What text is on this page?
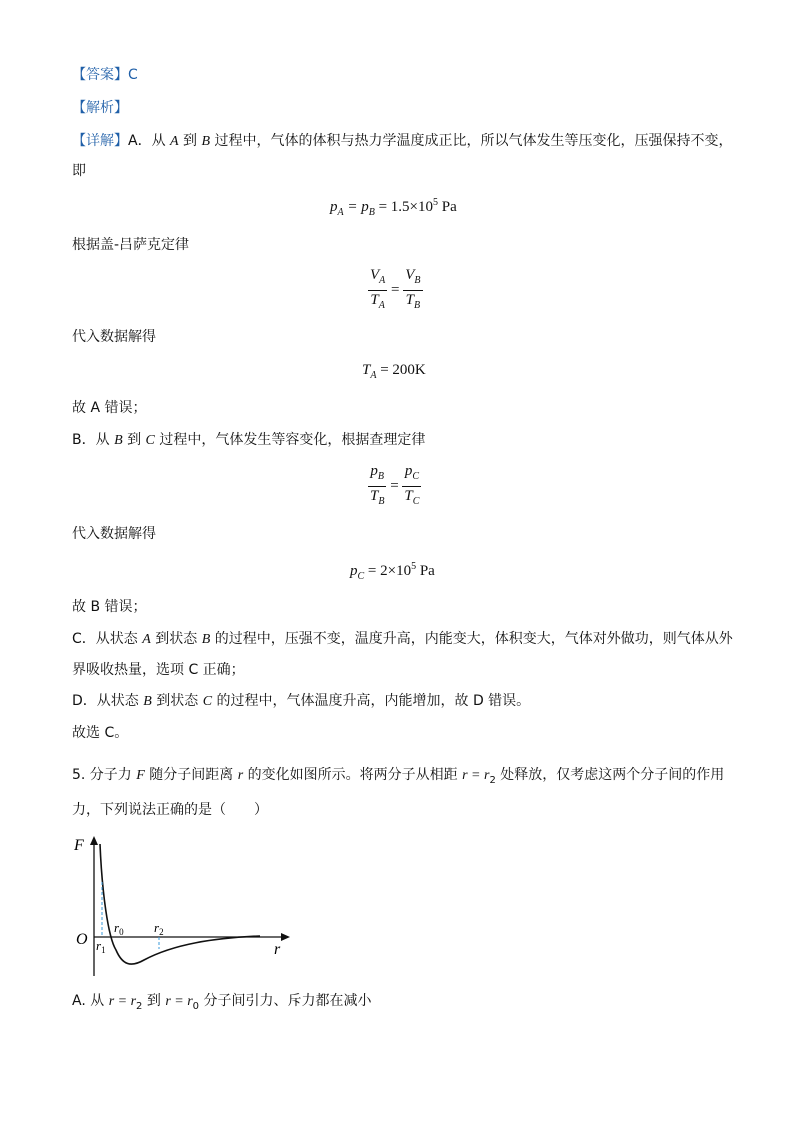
【答案】C
【解析】
【详解】A．从 A 到 B 过程中，气体的体积与热力学温度成正比，所以气体发生等压变化，压强保持不变，
即
$p_A = p_B = 1.5\times 10^5$ Pa
根据盖-吕萨克定律
$\frac{V_A}{T_A} = \frac{V_B}{T_B}$
代入数据解得
$T_A = 200K$
故 A 错误；
B．从 B 到 C 过程中，气体发生等容变化，根据查理定律
$\frac{p_B}{T_B} = \frac{p_C}{T_C}$
代入数据解得
$p_C = 2\times 10^5$ Pa
故 B 错误；
C．从状态 A 到状态 B 的过程中，压强不变，温度升高，内能变大，体积变大，气体对外做功，则气体从外
界吸收热量，选项 C 正确；
D．从状态 B 到状态 C 的过程中，气体温度升高，内能增加，故 D 错误。
故选 C。
5. 分子力 F 随分子间距离 r 的变化如图所示。将两分子从相距 $r = r_2$ 处释放，仅考虑这两个分子间的作用
力，下列说法正确的是（　　）
F
r
O
$r_0$
$r_1$
$r_2$
A. 从 $r = r_2$ 到 $r = r_0$ 分子间引力、斥力都在减小
